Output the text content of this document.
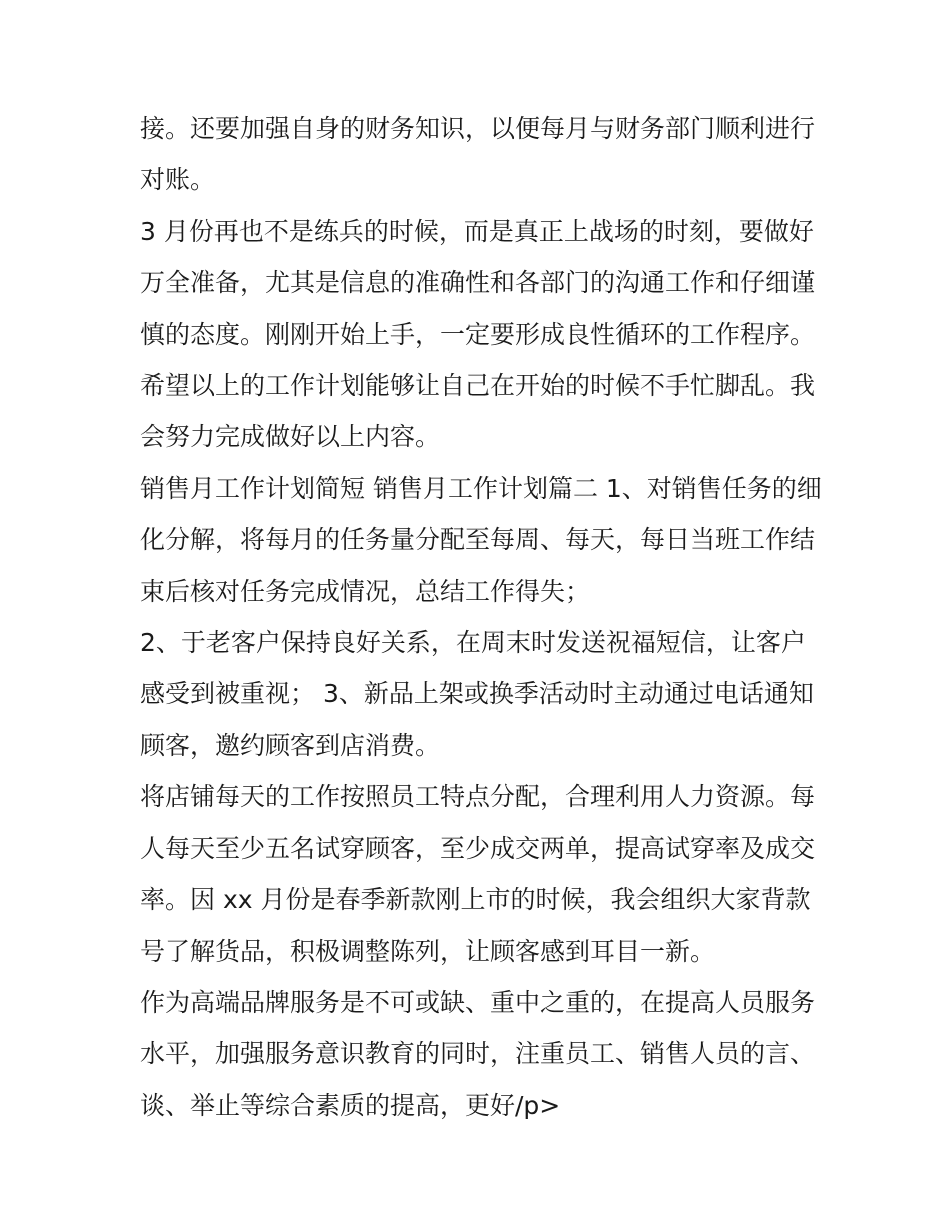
接。还要加强自身的财务知识，以便每月与财务部门顺利进行

对账。

3 月份再也不是练兵的时候，而是真正上战场的时刻，要做好

万全准备，尤其是信息的准确性和各部门的沟通工作和仔细谨

慎的态度。刚刚开始上手，一定要形成良性循环的工作程序。

希望以上的工作计划能够让自己在开始的时候不手忙脚乱。我

会努力完成做好以上内容。

销售月工作计划简短 销售月工作计划篇二 1、对销售任务的细

化分解，将每月的任务量分配至每周、每天，每日当班工作结

束后核对任务完成情况，总结工作得失；

2、于老客户保持良好关系，在周末时发送祝福短信，让客户

感受到被重视； 3、新品上架或换季活动时主动通过电话通知

顾客，邀约顾客到店消费。

将店铺每天的工作按照员工特点分配，合理利用人力资源。每

人每天至少五名试穿顾客，至少成交两单，提高试穿率及成交

率。因 xx 月份是春季新款刚上市的时候，我会组织大家背款

号了解货品，积极调整陈列，让顾客感到耳目一新。

作为高端品牌服务是不可或缺、重中之重的，在提高人员服务

水平，加强服务意识教育的同时，注重员工、销售人员的言、

谈、举止等综合素质的提高，更好/p>
